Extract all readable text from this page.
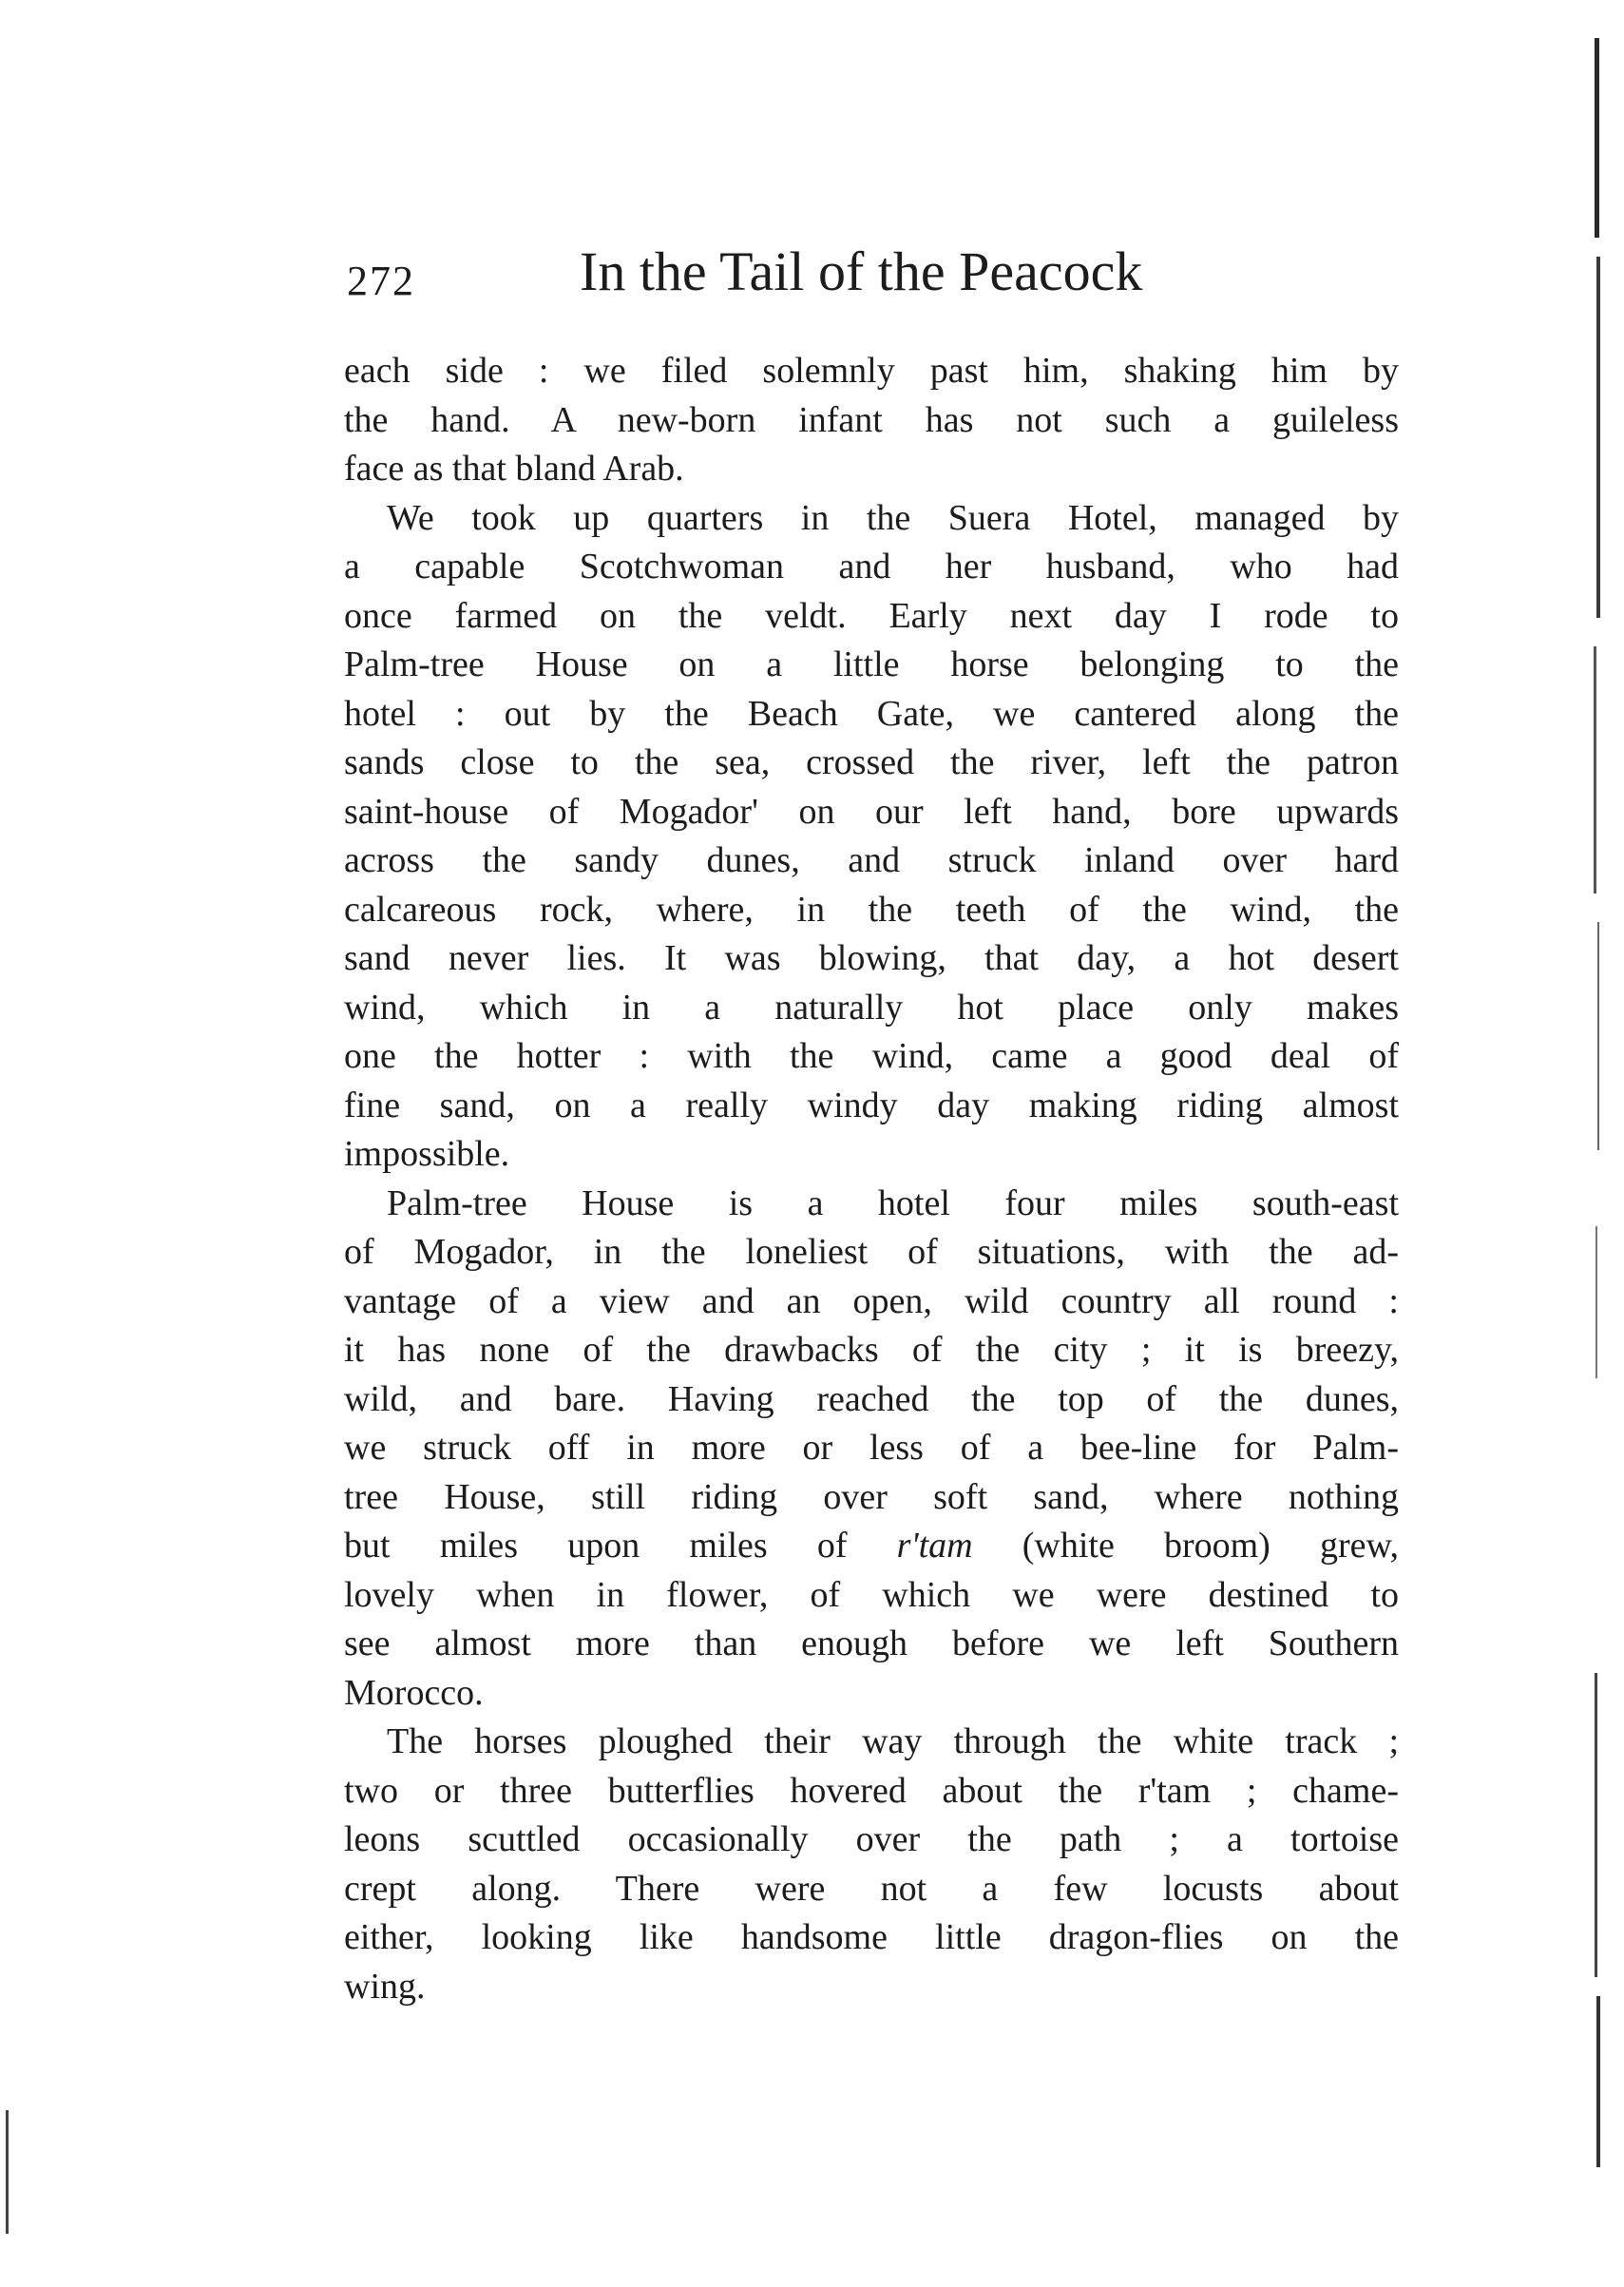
272	In the Tail of the Peacock
each side : we filed solemnly past him, shaking him by
the hand. A new-born infant has not such a guileless
face as that bland Arab.
We took up quarters in the Suera Hotel, managed by
a capable Scotchwoman and her husband, who had
once farmed on the veldt. Early next day I rode to
Palm-tree House on a little horse belonging to the
hotel : out by the Beach Gate, we cantered along the
sands close to the sea, crossed the river, left the patron
saint-house of Mogador' on our left hand, bore upwards
across the sandy dunes, and struck inland over hard
calcareous rock, where, in the teeth of the wind, the
sand never lies. It was blowing, that day, a hot desert
wind, which in a naturally hot place only makes
one the hotter : with the wind, came a good deal of
fine sand, on a really windy day making riding almost
impossible.
Palm-tree House is a hotel four miles south-east
of Mogador, in the loneliest of situations, with the ad-
vantage of a view and an open, wild country all round :
it has none of the drawbacks of the city ; it is breezy,
wild, and bare. Having reached the top of the dunes,
we struck off in more or less of a bee-line for Palm-
tree House, still riding over soft sand, where nothing
but miles upon miles of r'tam (white broom) grew,
lovely when in flower, of which we were destined to
see almost more than enough before we left Southern
Morocco.
The horses ploughed their way through the white track ;
two or three butterflies hovered about the r'tam ; chame-
leons scuttled occasionally over the path ; a tortoise
crept along. There were not a few locusts about
either, looking like handsome little dragon-flies on the
wing.
